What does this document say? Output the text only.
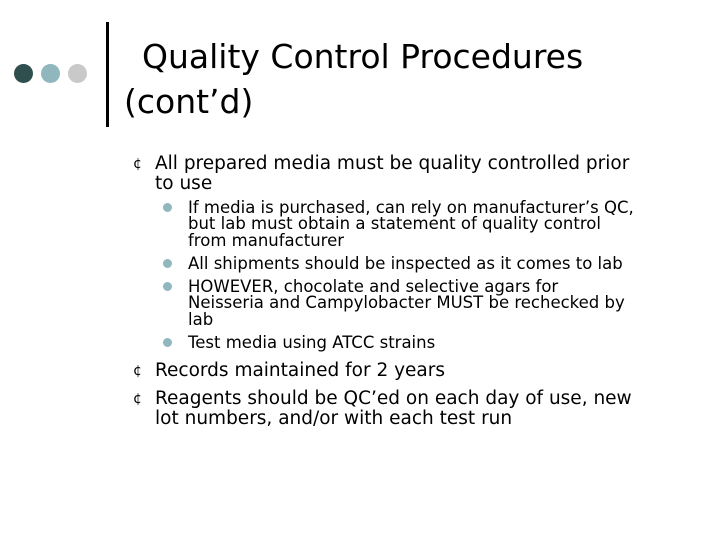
Quality Control Procedures
(cont’d)

¢ All prepared media must be quality controlled prior
to use

If media is purchased, can rely on manufacturer’s QC,
but lab must obtain a statement of quality control
from manufacturer
All shipments should be inspected as it comes to lab
HOWEVER, chocolate and selective agars for
Neisseria and Campylobacter MUST be rechecked by
lab
Test media using ATCC strains

¢ Records maintained for 2 years

¢ Reagents should be QC’ed on each day of use, new
lot numbers, and/or with each test run
